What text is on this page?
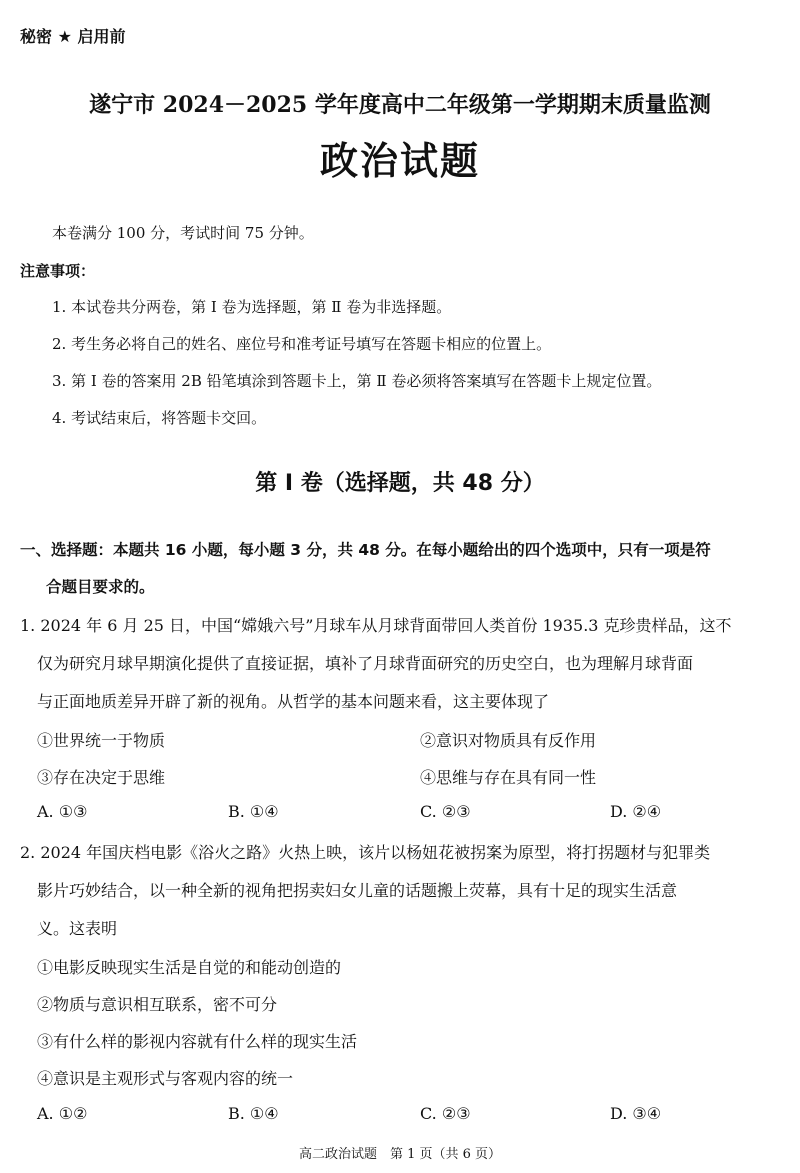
秘密 ★ 启用前
遂宁市 2024－2025 学年度高中二年级第一学期期末质量监测
政治试题
本卷满分 100 分，考试时间 75 分钟。
注意事项：
1. 本试卷共分两卷，第 Ⅰ 卷为选择题，第 Ⅱ 卷为非选择题。
2. 考生务必将自己的姓名、座位号和准考证号填写在答题卡相应的位置上。
3. 第 Ⅰ 卷的答案用 2B 铅笔填涂到答题卡上，第 Ⅱ 卷必须将答案填写在答题卡上规定位置。
4. 考试结束后，将答题卡交回。
第 Ⅰ 卷（选择题，共 48 分）
一、选择题：本题共 16 小题，每小题 3 分，共 48 分。在每小题给出的四个选项中，只有一项是符
合题目要求的。
1. 2024 年 6 月 25 日，中国“嫦娥六号”月球车从月球背面带回人类首份 1935.3 克珍贵样品，这不
仅为研究月球早期演化提供了直接证据，填补了月球背面研究的历史空白，也为理解月球背面
与正面地质差异开辟了新的视角。从哲学的基本问题来看，这主要体现了
①世界统一于物质	②意识对物质具有反作用
③存在决定于思维	④思维与存在具有同一性
A. ①③	B. ①④	C. ②③	D. ②④
2. 2024 年国庆档电影《浴火之路》火热上映，该片以杨妞花被拐案为原型，将打拐题材与犯罪类
影片巧妙结合，以一种全新的视角把拐卖妇女儿童的话题搬上荧幕，具有十足的现实生活意
义。这表明
①电影反映现实生活是自觉的和能动创造的
②物质与意识相互联系，密不可分
③有什么样的影视内容就有什么样的现实生活
④意识是主观形式与客观内容的统一
A. ①②	B. ①④	C. ②③	D. ③④
高二政治试题　第 1 页（共 6 页）
